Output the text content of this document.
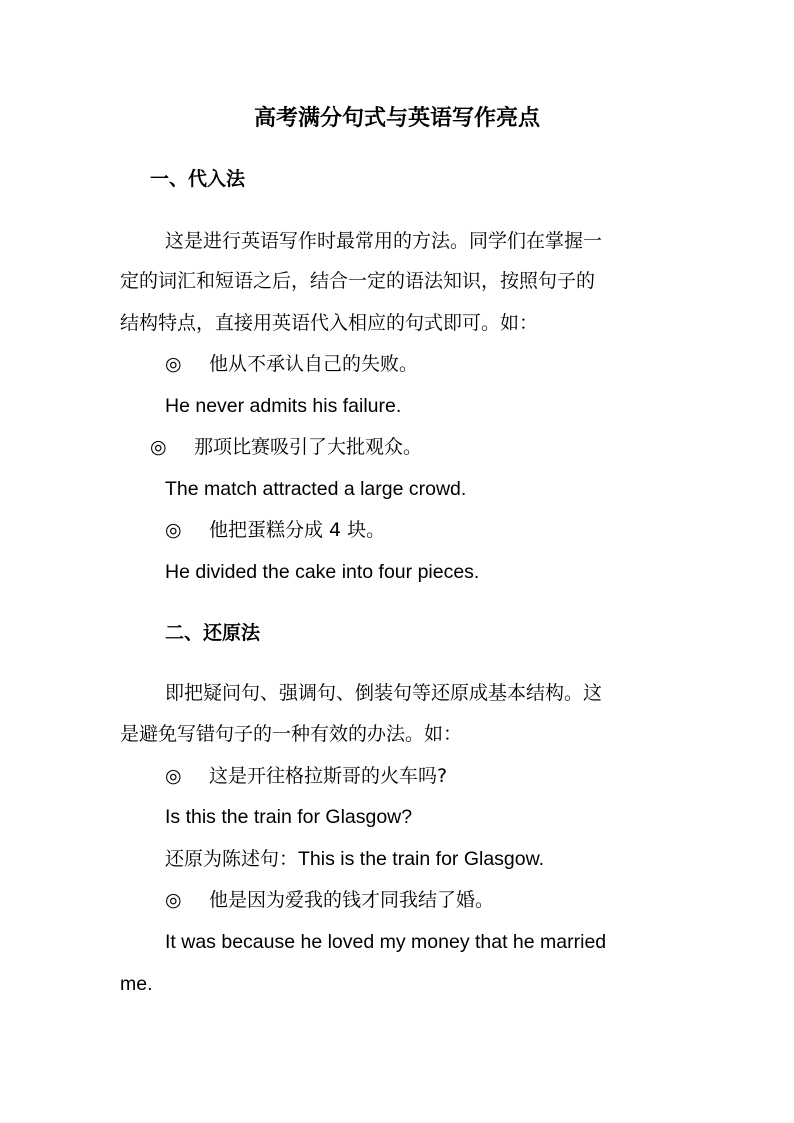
高考满分句式与英语写作亮点
一、代入法
这是进行英语写作时最常用的方法。同学们在掌握一
定的词汇和短语之后，结合一定的语法知识，按照句子的
结构特点，直接用英语代入相应的句式即可。如：
◎ 他从不承认自己的失败。
He never admits his failure.
◎ 那项比赛吸引了大批观众。
The match attracted a large crowd.
◎ 他把蛋糕分成 4 块。
He divided the cake into four pieces.
二、还原法
即把疑问句、强调句、倒装句等还原成基本结构。这
是避免写错句子的一种有效的办法。如：
◎ 这是开往格拉斯哥的火车吗?
Is this the train for Glasgow?
还原为陈述句：This is the train for Glasgow.
◎ 他是因为爱我的钱才同我结了婚。
It was because he loved my money that he married
me.
